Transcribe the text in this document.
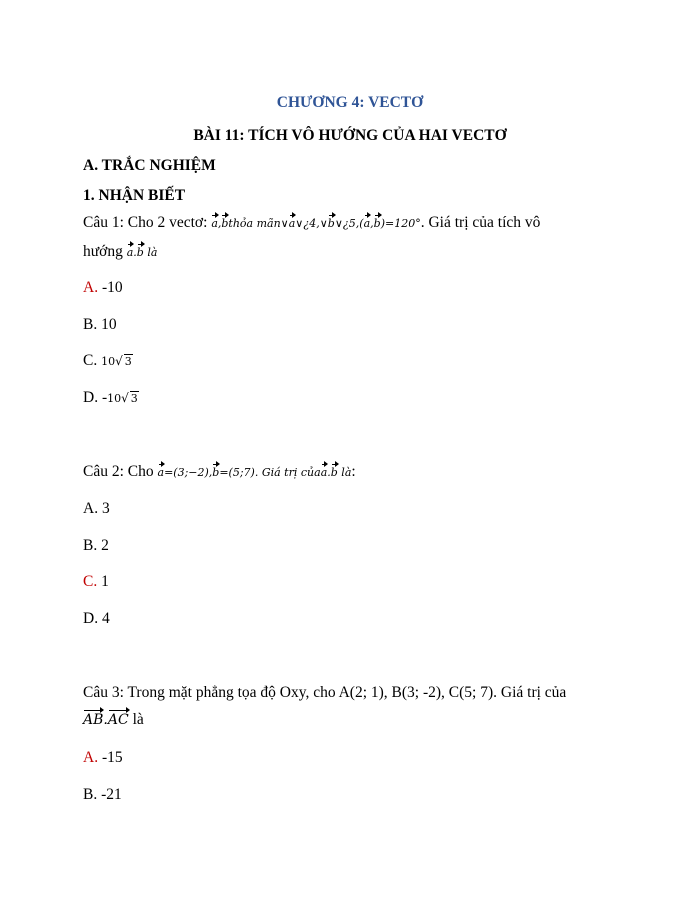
CHƯƠNG 4: VECTƠ
BÀI 11: TÍCH VÔ HƯỚNG CỦA HAI VECTƠ
A. TRẮC NGHIỆM
1. NHẬN BIẾT
Câu 1: Cho 2 vectơ: a,bthỏa mãn∨a∨¿4,∨b∨¿5,(a,b)=120°. Giá trị của tích vô
hướng a.b là
A. -10
B. 10
C. 10√ 3
D. -10√ 3
Câu 2: Cho a=(3;−2),b=(5;7). Giá trị củaa.b là:
A. 3
B. 2
C. 1
D. 4
Câu 3: Trong mặt phẳng tọa độ Oxy, cho A(2; 1), B(3; -2), C(5; 7). Giá trị của
AB.AC là
A. -15
B. -21
